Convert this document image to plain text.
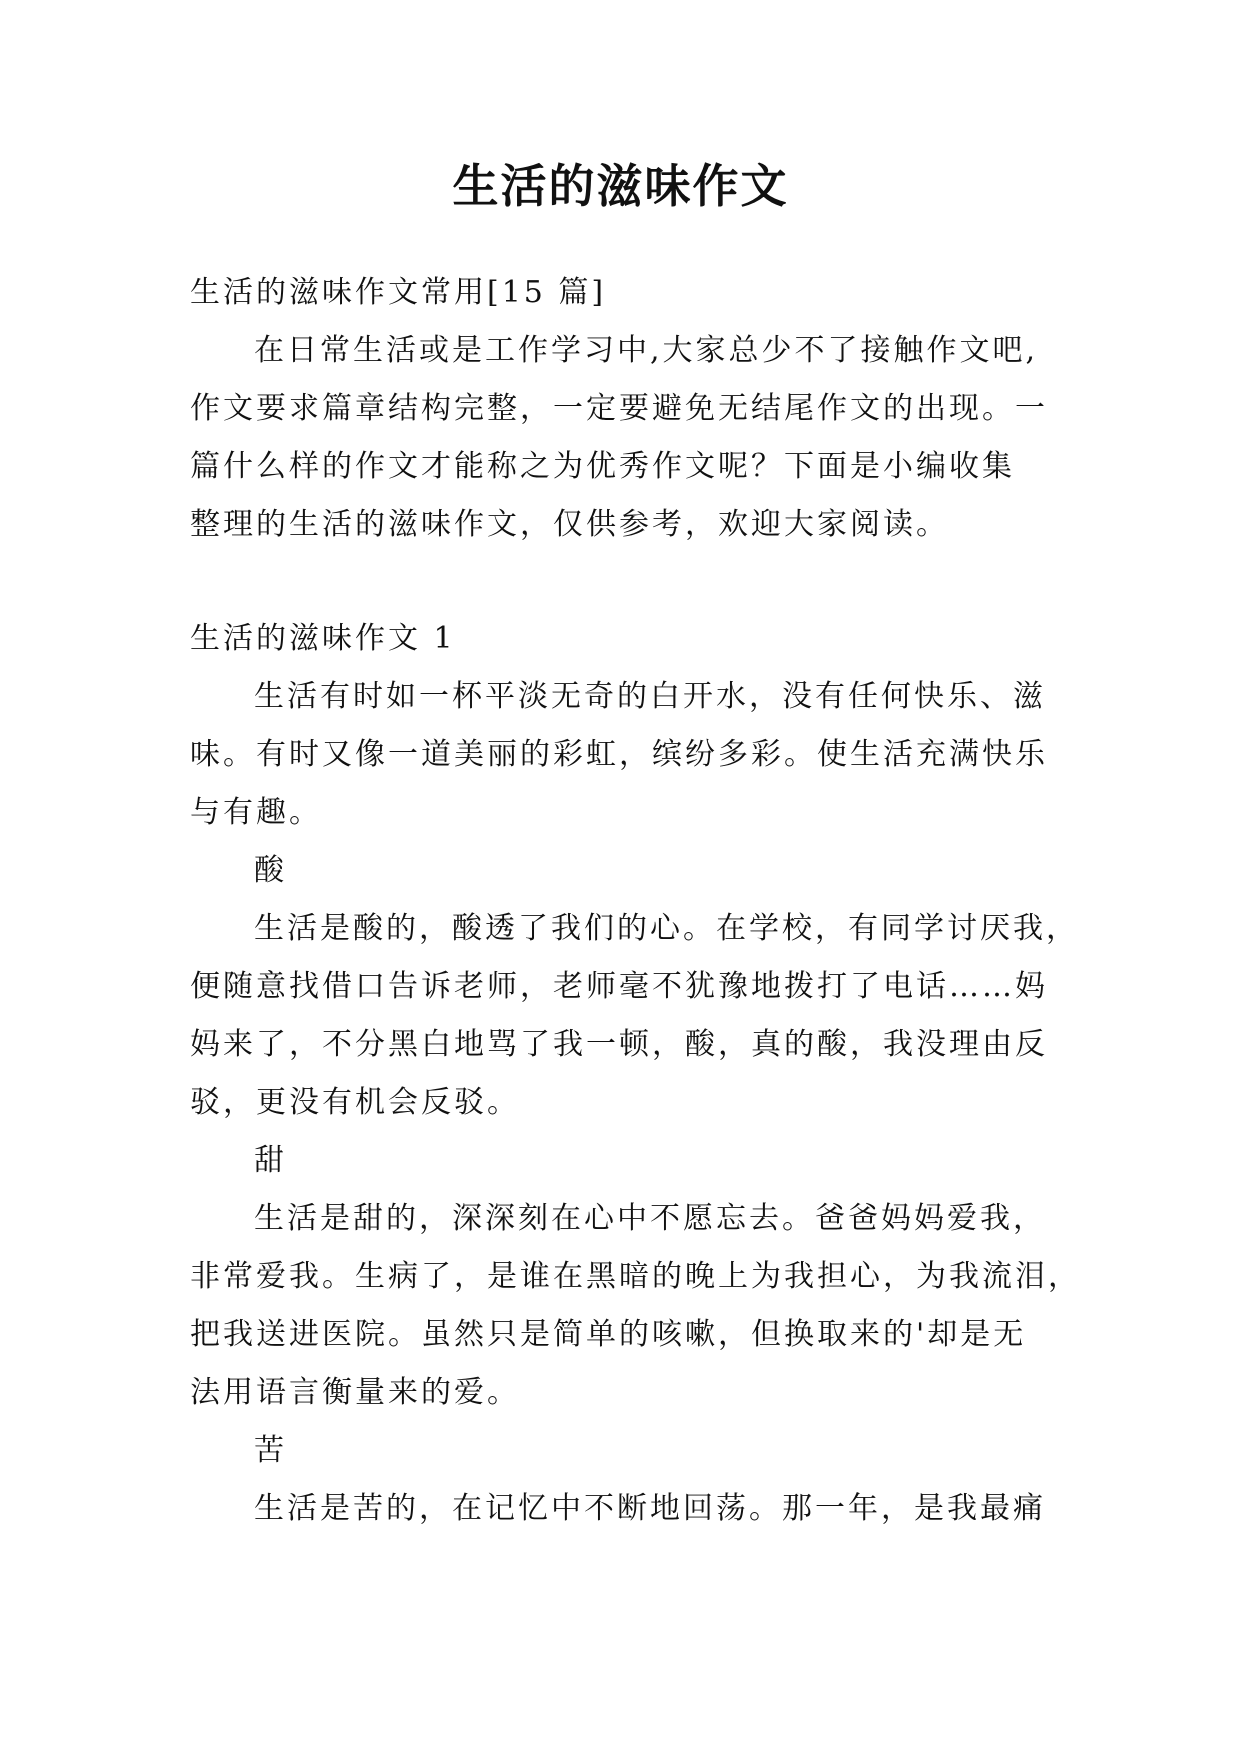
生活的滋味作文
生活的滋味作文常用[15 篇]
在日常生活或是工作学习中,大家总少不了接触作文吧,
作文要求篇章结构完整，一定要避免无结尾作文的出现。一
篇什么样的作文才能称之为优秀作文呢？下面是小编收集
整理的生活的滋味作文，仅供参考，欢迎大家阅读。
生活的滋味作文 1
生活有时如一杯平淡无奇的白开水，没有任何快乐、滋
味。有时又像一道美丽的彩虹，缤纷多彩。使生活充满快乐
与有趣。
酸
生活是酸的，酸透了我们的心。在学校，有同学讨厌我，
便随意找借口告诉老师，老师毫不犹豫地拨打了电话……妈
妈来了，不分黑白地骂了我一顿，酸，真的酸，我没理由反
驳，更没有机会反驳。
甜
生活是甜的，深深刻在心中不愿忘去。爸爸妈妈爱我，
非常爱我。生病了，是谁在黑暗的晚上为我担心，为我流泪，
把我送进医院。虽然只是简单的咳嗽，但换取来的'却是无
法用语言衡量来的爱。
苦
生活是苦的，在记忆中不断地回荡。那一年，是我最痛
